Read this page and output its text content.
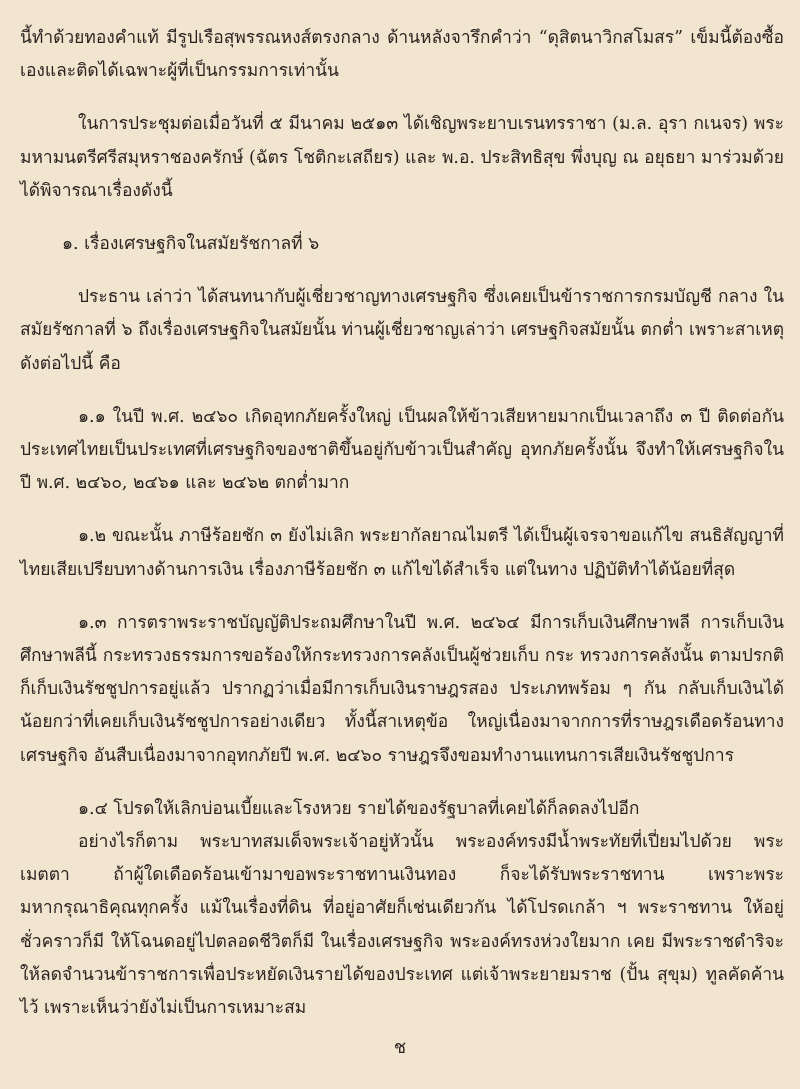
นี้ทำด้วยทองคำแท้ มีรูปเรือสุพรรณหงส์ตรงกลาง ด้านหลังจารึกคำว่า “ดุสิตนาวิกสโมสร” เข็มนี้ต้องซื้อเองและติดได้เฉพาะผู้ที่เป็นกรรมการเท่านั้น

ในการประชุมต่อเมื่อวันที่ ๕ มีนาคม ๒๕๑๓ ได้เชิญพระยาบเรนทรราชา (ม.ล. อุรา กเนจร) พระมหามนตรีศรีสมุหราชองครักษ์ (ฉัตร โชติกะเสถียร) และ พ.อ. ประสิทธิสุข พึ่งบุญ ณ อยุธยา มาร่วมด้วย ได้พิจารณาเรื่องดังนี้

๑. เรื่องเศรษฐกิจในสมัยรัชกาลที่ ๖

ประธาน เล่าว่า ได้สนทนากับผู้เชี่ยวชาญทางเศรษฐกิจ ซึ่งเคยเป็นข้าราชการกรมบัญชี กลาง ในสมัยรัชกาลที่ ๖ ถึงเรื่องเศรษฐกิจในสมัยนั้น ท่านผู้เชี่ยวชาญเล่าว่า เศรษฐกิจสมัยนั้น ตกต่ำ เพราะสาเหตุดังต่อไปนี้ คือ

๑.๑ ในปี พ.ศ. ๒๔๖๐ เกิดอุทกภัยครั้งใหญ่ เป็นผลให้ข้าวเสียหายมากเป็นเวลาถึง ๓ ปี ติดต่อกัน ประเทศไทยเป็นประเทศที่เศรษฐกิจของชาติขึ้นอยู่กับข้าวเป็นสำคัญ อุทกภัยครั้งนั้น จึงทำให้เศรษฐกิจในปี พ.ศ. ๒๔๖๐, ๒๔๖๑ และ ๒๔๖๒ ตกต่ำมาก

๑.๒ ขณะนั้น ภาษีร้อยชัก ๓ ยังไม่เลิก พระยากัลยาณไมตรี ได้เป็นผู้เจรจาขอแก้ไข สนธิสัญญาที่ไทยเสียเปรียบทางด้านการเงิน เรื่องภาษีร้อยชัก ๓ แก้ไขได้สำเร็จ แต่ในทาง ปฏิบัติทำได้น้อยที่สุด

๑.๓ การตราพระราชบัญญัติประถมศึกษาในปี พ.ศ. ๒๔๖๔ มีการเก็บเงินศึกษาพลี การเก็บเงินศึกษาพลีนี้ กระทรวงธรรมการขอร้องให้กระทรวงการคลังเป็นผู้ช่วยเก็บ กระ ทรวงการคลังนั้น ตามปรกติก็เก็บเงินรัชชูปการอยู่แล้ว ปรากฏว่าเมื่อมีการเก็บเงินราษฎรสอง ประเภทพร้อม ๆ กัน กลับเก็บเงินได้น้อยกว่าที่เคยเก็บเงินรัชชูปการอย่างเดียว ทั้งนี้สาเหตุข้อ ใหญ่เนื่องมาจากการที่ราษฎรเดือดร้อนทางเศรษฐกิจ อันสืบเนื่องมาจากอุทกภัยปี พ.ศ. ๒๔๖๐ ราษฎรจึงขอมทำงานแทนการเสียเงินรัชชูปการ

๑.๔ โปรดให้เลิกบ่อนเบี้ยและโรงหวย รายได้ของรัฐบาลที่เคยได้ก็ลดลงไปอีก

อย่างไรก็ตาม พระบาทสมเด็จพระเจ้าอยู่หัวนั้น พระองค์ทรงมีน้ำพระทัยที่เปี่ยมไปด้วย พระเมตตา ถ้าผู้ใดเดือดร้อนเข้ามาขอพระราชทานเงินทอง ก็จะได้รับพระราชทาน เพราะพระ มหากรุณาธิคุณทุกครั้ง แม้ในเรื่องที่ดิน ที่อยู่อาศัยก็เช่นเดียวกัน ได้โปรดเกล้า ฯ พระราชทาน ให้อยู่ชั่วคราวก็มี ให้โฉนดอยู่ไปตลอดชีวิตก็มี ในเรื่องเศรษฐกิจ พระองค์ทรงห่วงใยมาก เคย มีพระราชดำริจะให้ลดจำนวนข้าราชการเพื่อประหยัดเงินรายได้ของประเทศ แต่เจ้าพระยายมราช (ปั้น สุขุม) ทูลคัดค้านไว้ เพราะเห็นว่ายังไม่เป็นการเหมาะสม

ช
